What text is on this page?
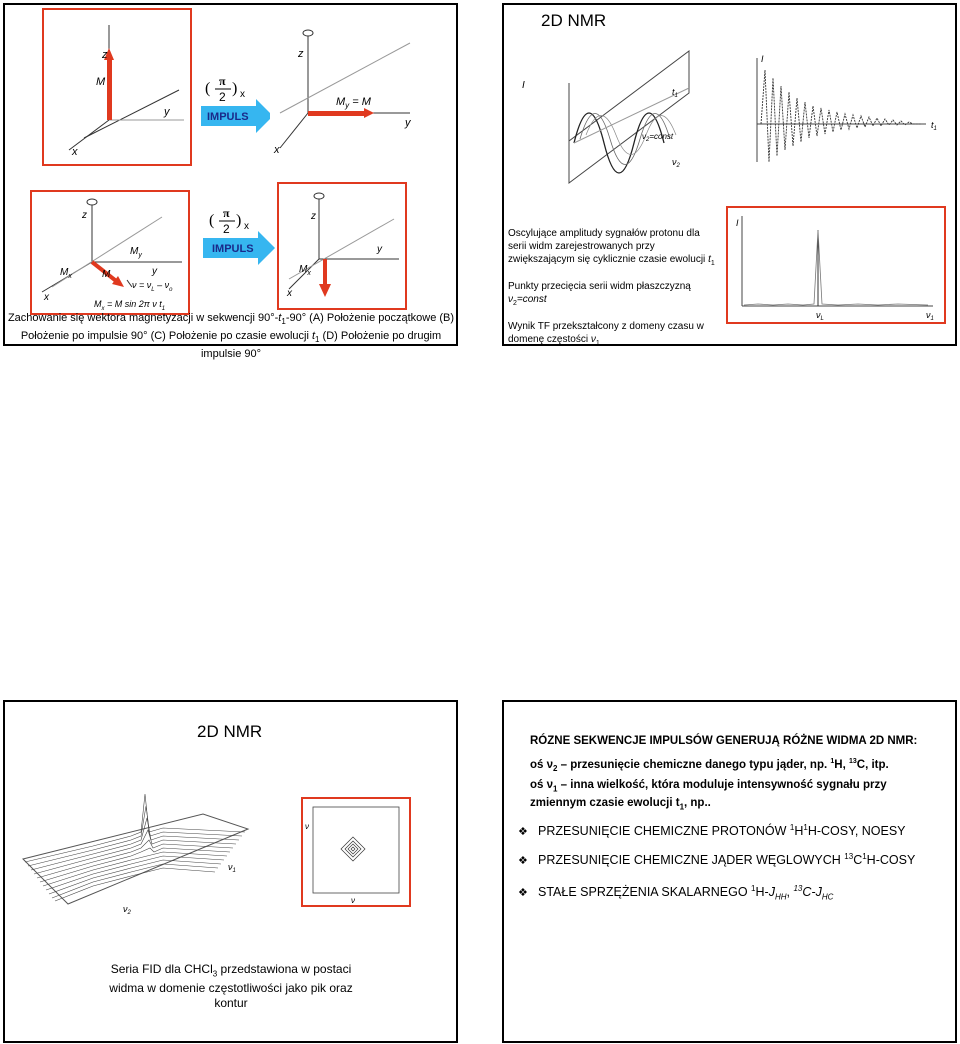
z
y
x
M	( π
2 ) x
IMPULS
z
y
x
$M_y = M$
z
y
x
$M_y$
$M_x$	M
$\nu = \nu_L - \nu_o$
$M_x = M$ sin 2π ν $t_1$
( π
2 ) x
IMPULS
z
y
x
$M_x$
Zachowanie się wektora magnetyzacji w sekwencji $90^\circ-t_1-90^\circ$ (A) Położenie początkowe (B) Położenie po impulsie 90° (C) Położenie po czasie ewolucji $t_1$ (D) Położenie po drugim impulsie 90°
2D NMR
I
$t_1$
$\nu_2=const$
$\nu_2$
I
$t_1$
Oscylujące amplitudy sygnałów protonu dla serii widm zarejestrowanych przy zwiększającym się cyklicznie czasie ewolucji $t_1$
Punkty przecięcia serii widm płaszczyzną
$\nu_2=const$
Wynik TF przekształcony z domeny czasu w domenę częstości $\nu_1$
I
$\nu_L$	$\nu_1$
2D NMR
$\nu_1$
$\nu_2$
ν
ν
Seria FID dla CHCl$_3$ przedstawiona w postaci widma w domenie częstotliwości jako pik oraz kontur
RÓZNE SEKWENCJE IMPULSÓW GENERUJĄ RÓŻNE WIDMA 2D NMR:
oś $\nu_2$ – przesunięcie chemiczne danego typu jąder, np. $^1$H, $^{13}$C, itp.
oś $\nu_1$ – inna wielkość, która moduluje intensywność sygnału przy zmiennym czasie ewolucji $t_1$, np..
❖ PRZESUNIĘCIE CHEMICZNE PROTONÓW $^1H^1H$-COSY, NOESY
❖ PRZESUNIĘCIE CHEMICZNE JĄDER WĘGLOWYCH $^{13}C^1H$-COSY
❖ STAŁE SPRZĘŻENIA SKALARNEGO $^1H-J_{HH}$, $^{13}C-J_{HC}$
